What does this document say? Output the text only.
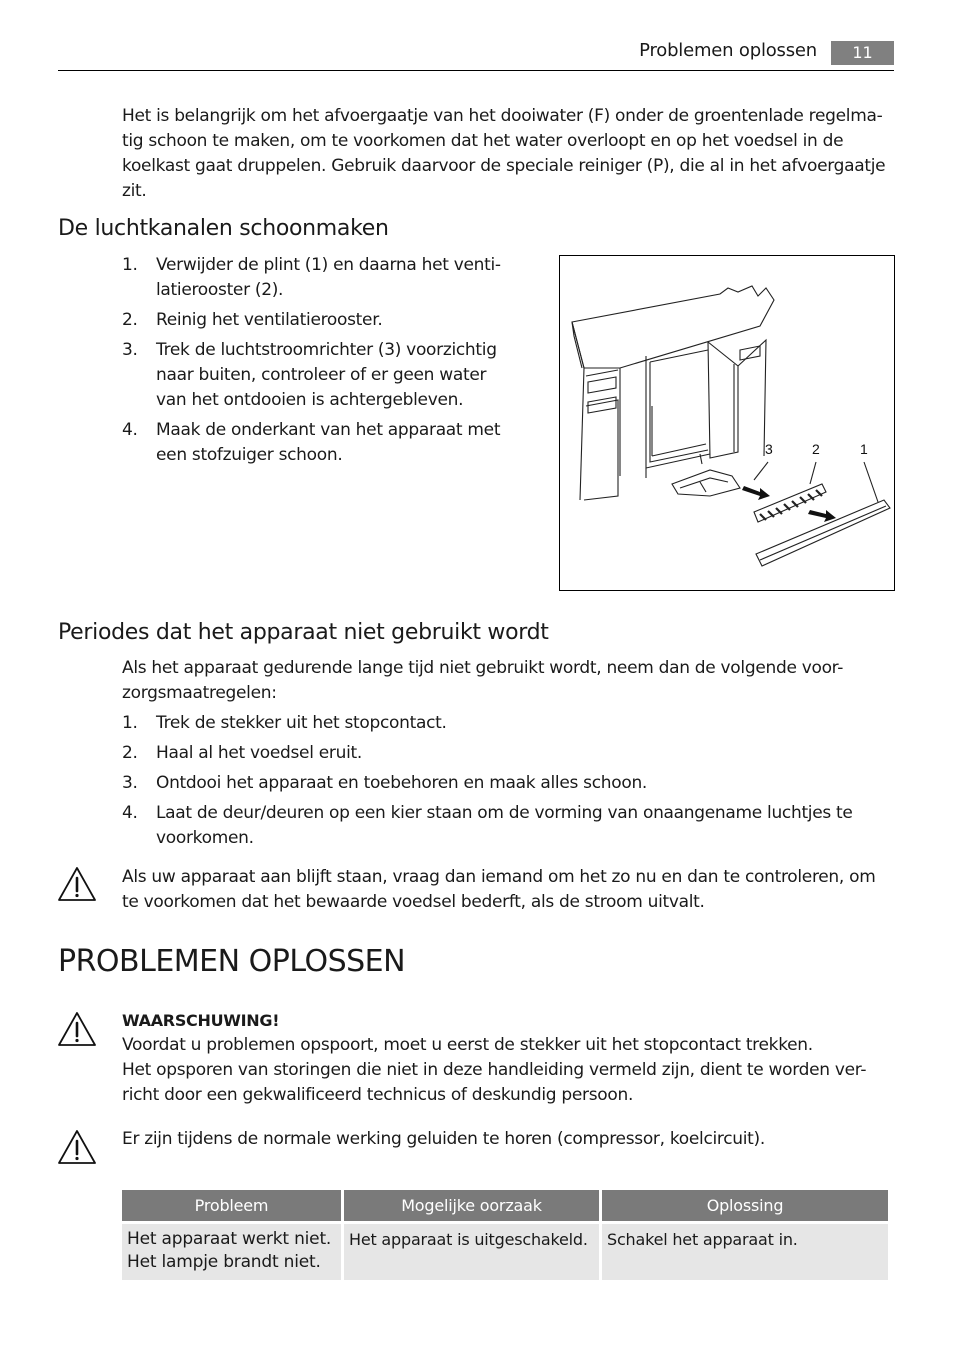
Problemen oplossen	11
Het is belangrijk om het afvoergaatje van het dooiwater (F) onder de groentenlade regelma-
tig schoon te maken, om te voorkomen dat het water overloopt en op het voedsel in de
koelkast gaat druppelen. Gebruik daarvoor de speciale reiniger (P), die al in het afvoergaatje
zit.
De luchtkanalen schoonmaken
1. Verwijder de plint (1) en daarna het venti-
latierooster (2).
2. Reinig het ventilatierooster.
3. Trek de luchtstroomrichter (3) voorzichtig
naar buiten, controleer of er geen water
van het ontdooien is achtergebleven.
4. Maak de onderkant van het apparaat met
een stofzuiger schoon.	3	2	1
Periodes dat het apparaat niet gebruikt wordt
Als het apparaat gedurende lange tijd niet gebruikt wordt, neem dan de volgende voor-
zorgsmaatregelen:
1. Trek de stekker uit het stopcontact.
2. Haal al het voedsel eruit.
3. Ontdooi het apparaat en toebehoren en maak alles schoon.
4. Laat de deur/deuren op een kier staan om de vorming van onaangename luchtjes te
voorkomen.
Als uw apparaat aan blijft staan, vraag dan iemand om het zo nu en dan te controleren, om
te voorkomen dat het bewaarde voedsel bederft, als de stroom uitvalt.
PROBLEMEN OPLOSSEN
WAARSCHUWING!
Voordat u problemen opspoort, moet u eerst de stekker uit het stopcontact trekken.
Het opsporen van storingen die niet in deze handleiding vermeld zijn, dient te worden ver-
richt door een gekwalificeerd technicus of deskundig persoon.
Er zijn tijdens de normale werking geluiden te horen (compressor, koelcircuit).
Probleem	Mogelijke oorzaak	Oplossing

Het apparaat werkt niet.
Het lampje brandt niet.	Het apparaat is uitgeschakeld.	Schakel het apparaat in.
